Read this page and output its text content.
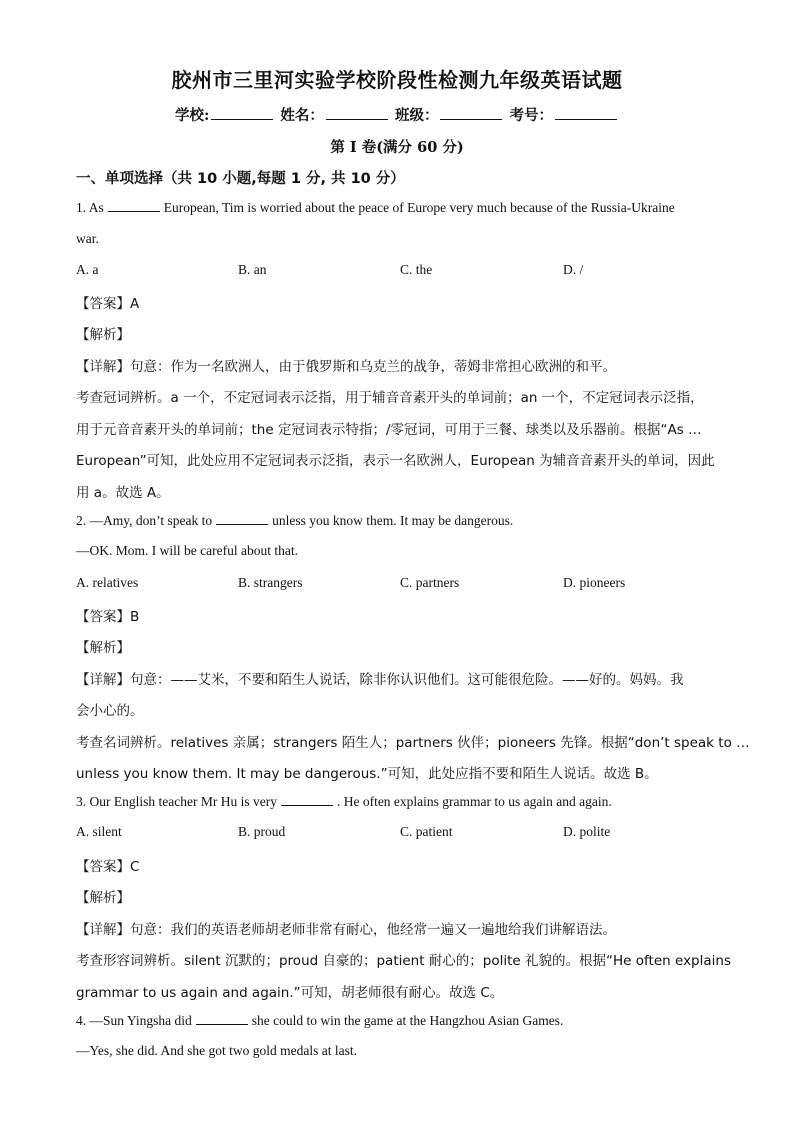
胶州市三里河实验学校阶段性检测九年级英语试题
学校:	姓名：	班级：	考号：
第 I 卷(满分 60 分)
一、单项选择（共 10 小题,每题 1 分, 共 10 分）
1. As	European, Tim is worried about the peace of Europe very much because of the Russia-Ukraine
war.
A. a	B. an	C. the	D. /
【答案】A
【解析】
【详解】句意：作为一名欧洲人，由于俄罗斯和乌克兰的战争，蒂姆非常担心欧洲的和平。
考查冠词辨析。a 一个，不定冠词表示泛指，用于辅音音素开头的单词前；an 一个，不定冠词表示泛指，
用于元音音素开头的单词前；the 定冠词表示特指；/零冠词，可用于三餐、球类以及乐器前。根据“As …
European”可知，此处应用不定冠词表示泛指，表示一名欧洲人，European 为辅音音素开头的单词，因此
用 a。故选 A。
2. —Amy, don’t speak to	unless you know them. It may be dangerous.
—OK. Mom. I will be careful about that.
A. relatives	B. strangers	C. partners	D. pioneers
【答案】B
【解析】
【详解】句意：——艾米，不要和陌生人说话，除非你认识他们。这可能很危险。——好的。妈妈。我
会小心的。
考查名词辨析。relatives 亲属；strangers 陌生人；partners 伙伴；pioneers 先锋。根据“don’t speak to …
unless you know them. It may be dangerous.”可知，此处应指不要和陌生人说话。故选 B。
3. Our English teacher Mr Hu is very	. He often explains grammar to us again and again.
A. silent	B. proud	C. patient	D. polite
【答案】C
【解析】
【详解】句意：我们的英语老师胡老师非常有耐心，他经常一遍又一遍地给我们讲解语法。
考查形容词辨析。silent 沉默的；proud 自豪的；patient 耐心的；polite 礼貌的。根据“He often explains
grammar to us again and again.”可知，胡老师很有耐心。故选 C。
4. —Sun Yingsha did	she could to win the game at the Hangzhou Asian Games.
—Yes, she did. And she got two gold medals at last.
